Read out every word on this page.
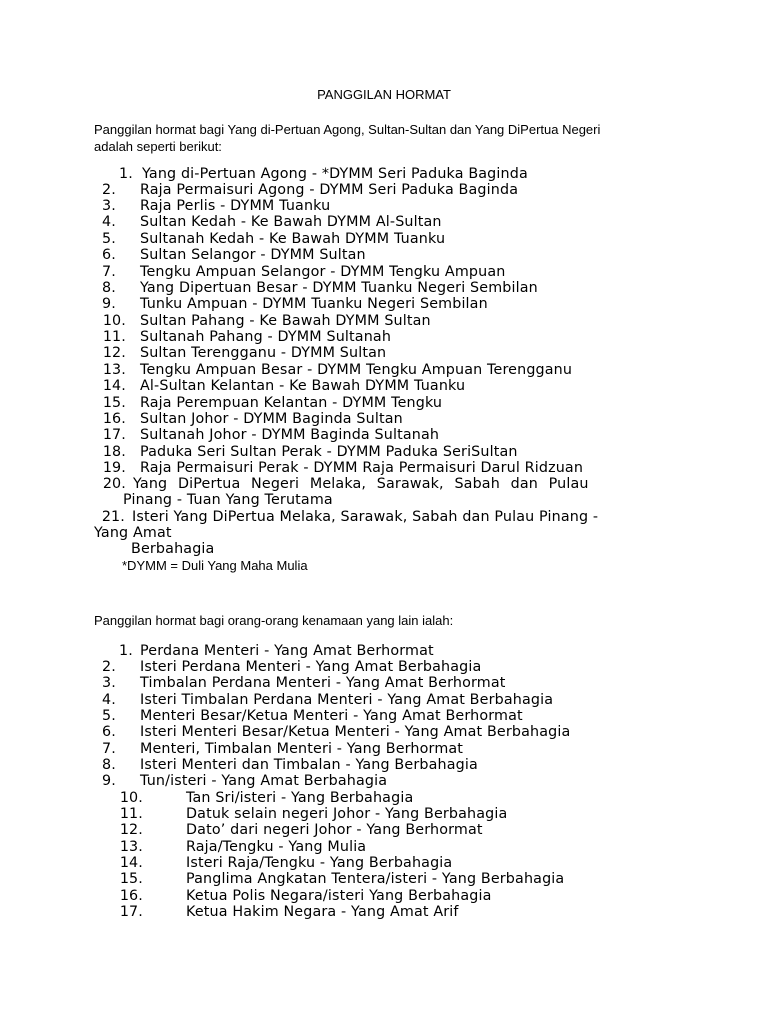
PANGGILAN HORMAT
Panggilan hormat bagi Yang di-Pertuan Agong, Sultan-Sultan dan Yang DiPertua Negeri
adalah seperti berikut:
1. Yang di-Pertuan Agong - *DYMM Seri Paduka Baginda
2. Raja Permaisuri Agong - DYMM Seri Paduka Baginda
3. Raja Perlis - DYMM Tuanku
4. Sultan Kedah - Ke Bawah DYMM Al-Sultan
5. Sultanah Kedah - Ke Bawah DYMM Tuanku
6. Sultan Selangor - DYMM Sultan
7. Tengku Ampuan Selangor - DYMM Tengku Ampuan
8. Yang Dipertuan Besar - DYMM Tuanku Negeri Sembilan
9. Tunku Ampuan - DYMM Tuanku Negeri Sembilan
10. Sultan Pahang - Ke Bawah DYMM Sultan
11. Sultanah Pahang - DYMM Sultanah
12. Sultan Terengganu - DYMM Sultan
13. Tengku Ampuan Besar - DYMM Tengku Ampuan Terengganu
14. Al-Sultan Kelantan - Ke Bawah DYMM Tuanku
15. Raja Perempuan Kelantan - DYMM Tengku
16. Sultan Johor - DYMM Baginda Sultan
17. Sultanah Johor - DYMM Baginda Sultanah
18. Paduka Seri Sultan Perak - DYMM Paduka SeriSultan
19. Raja Permaisuri Perak - DYMM Raja Permaisuri Darul Ridzuan
20. Yang DiPertua Negeri Melaka, Sarawak, Sabah dan Pulau
Pinang - Tuan Yang Terutama
21. Isteri Yang DiPertua Melaka, Sarawak, Sabah dan Pulau Pinang -
Yang Amat
Berbahagia
*DYMM = Duli Yang Maha Mulia
Panggilan hormat bagi orang-orang kenamaan yang lain ialah:
1. Perdana Menteri - Yang Amat Berhormat
2. Isteri Perdana Menteri - Yang Amat Berbahagia
3. Timbalan Perdana Menteri - Yang Amat Berhormat
4. Isteri Timbalan Perdana Menteri - Yang Amat Berbahagia
5. Menteri Besar/Ketua Menteri - Yang Amat Berhormat
6. Isteri Menteri Besar/Ketua Menteri - Yang Amat Berbahagia
7. Menteri, Timbalan Menteri - Yang Berhormat
8. Isteri Menteri dan Timbalan - Yang Berbahagia
9. Tun/isteri - Yang Amat Berbahagia
10.	Tan Sri/isteri - Yang Berbahagia
11.	Datuk selain negeri Johor - Yang Berbahagia
12.	Dato’ dari negeri Johor - Yang Berhormat
13.	Raja/Tengku - Yang Mulia
14.	Isteri Raja/Tengku - Yang Berbahagia
15.	Panglima Angkatan Tentera/isteri - Yang Berbahagia
16.	Ketua Polis Negara/isteri Yang Berbahagia
17.	Ketua Hakim Negara - Yang Amat Arif
